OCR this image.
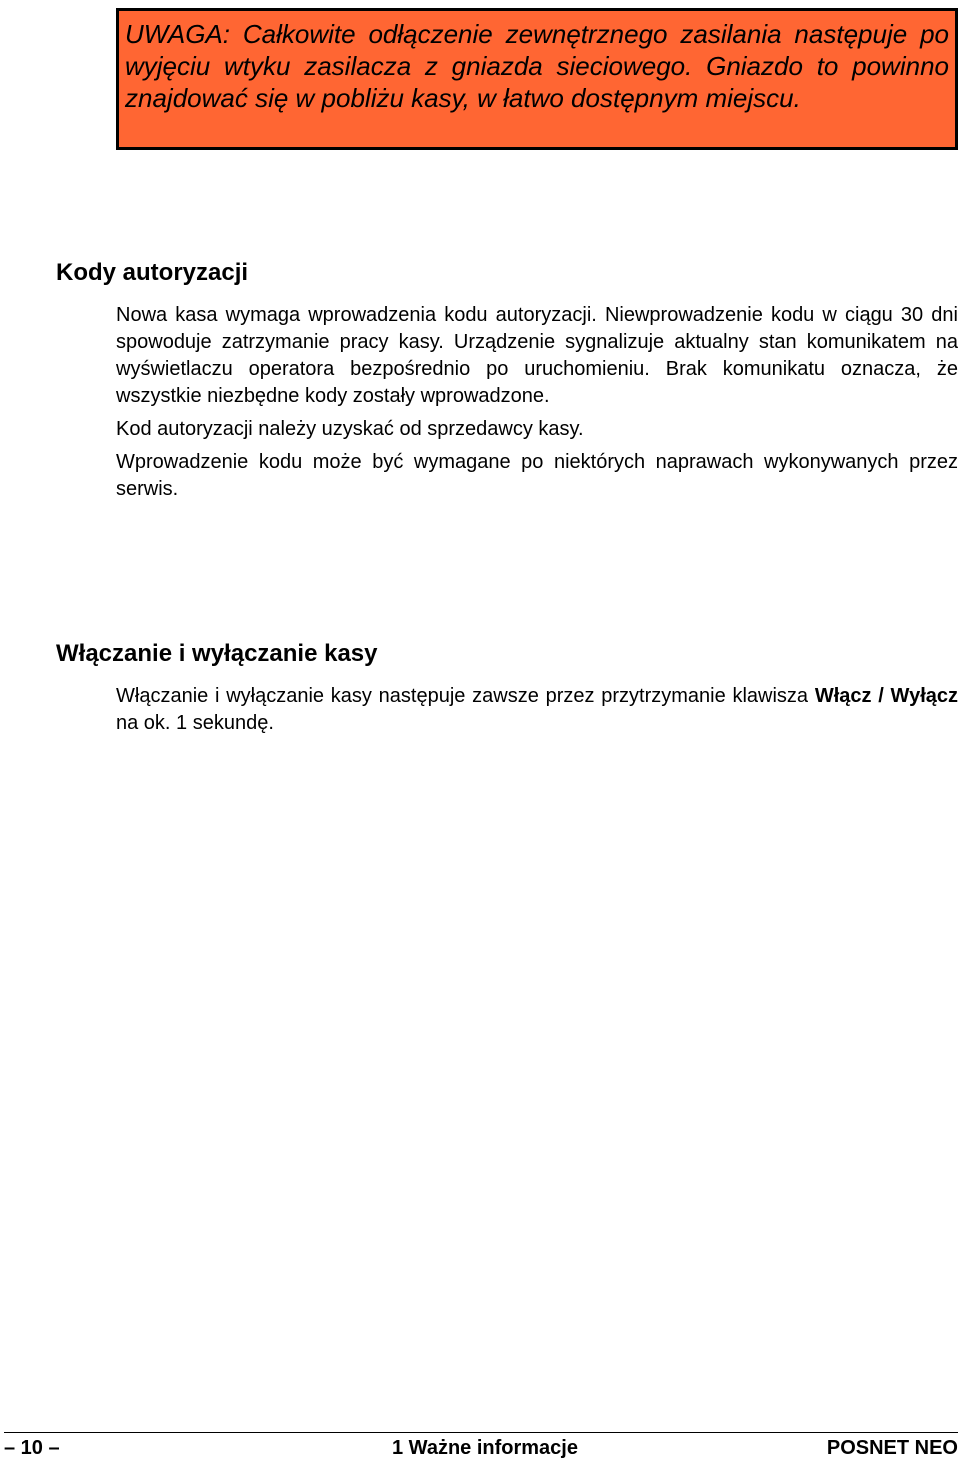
UWAGA: Całkowite odłączenie zewnętrznego zasilania następuje po wyjęciu wtyku zasilacza z gniazda sieciowego. Gniazdo to powinno znajdować się w pobliżu kasy, w łatwo dostępnym miejscu.

Kody autoryzacji

Nowa kasa wymaga wprowadzenia kodu autoryzacji. Niewprowadzenie kodu w ciągu 30 dni spowoduje zatrzymanie pracy kasy. Urządzenie sygnalizuje aktualny stan komunikatem na wyświetlaczu operatora bezpośrednio po uruchomieniu. Brak komunikatu oznacza, że wszystkie niezbędne kody zostały wprowadzone.

Kod autoryzacji należy uzyskać od sprzedawcy kasy.

Wprowadzenie kodu może być wymagane po niektórych naprawach wykonywanych przez serwis.

Włączanie i wyłączanie kasy

Włączanie i wyłączanie kasy następuje zawsze przez przytrzymanie klawisza Włącz / Wyłącz na ok. 1 sekundę.

– 10 –	1 Ważne informacje	POSNET NEO
